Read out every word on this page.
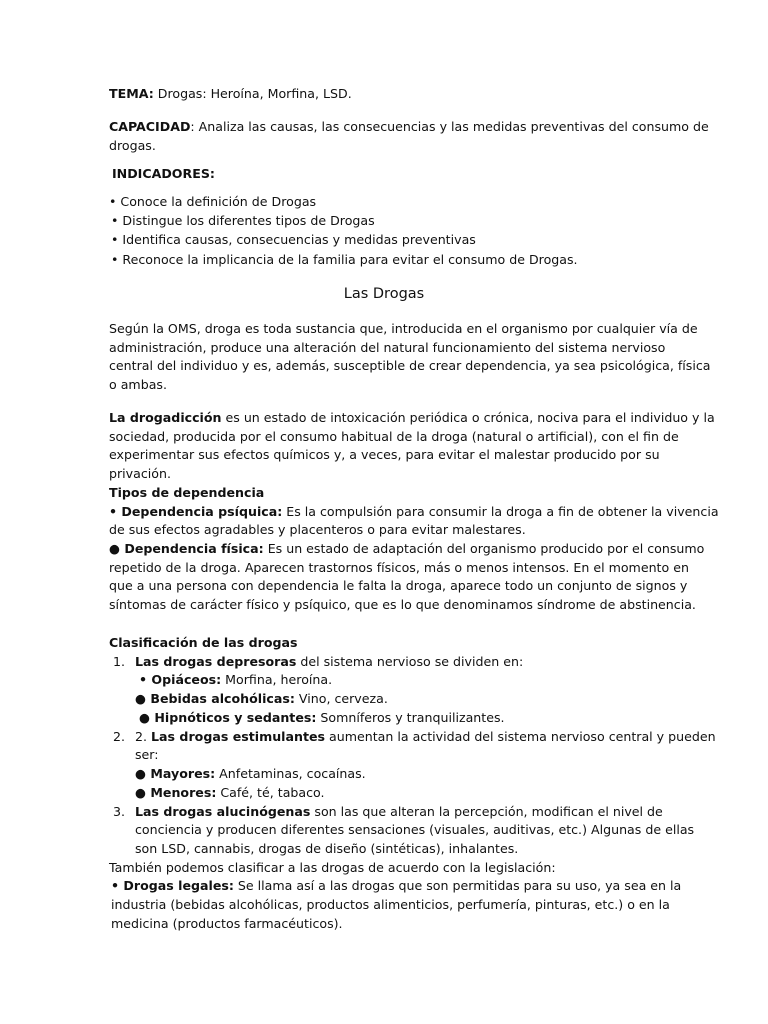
TEMA: Drogas: Heroína, Morfina, LSD.
CAPACIDAD: Analiza las causas, las consecuencias y las medidas preventivas del consumo de
drogas.
INDICADORES:
• Conoce la definición de Drogas
• Distingue los diferentes tipos de Drogas
• Identifica causas, consecuencias y medidas preventivas
• Reconoce la implicancia de la familia para evitar el consumo de Drogas.
Las Drogas
Según la OMS, droga es toda sustancia que, introducida en el organismo por cualquier vía de
administración, produce una alteración del natural funcionamiento del sistema nervioso
central del individuo y es, además, susceptible de crear dependencia, ya sea psicológica, física
o ambas.
La drogadicción es un estado de intoxicación periódica o crónica, nociva para el individuo y la
sociedad, producida por el consumo habitual de la droga (natural o artificial), con el fin de
experimentar sus efectos químicos y, a veces, para evitar el malestar producido por su
privación.
Tipos de dependencia
• Dependencia psíquica: Es la compulsión para consumir la droga a fin de obtener la vivencia
de sus efectos agradables y placenteros o para evitar malestares.
● Dependencia física: Es un estado de adaptación del organismo producido por el consumo
repetido de la droga. Aparecen trastornos físicos, más o menos intensos. En el momento en
que a una persona con dependencia le falta la droga, aparece todo un conjunto de signos y
síntomas de carácter físico y psíquico, que es lo que denominamos síndrome de abstinencia.
Clasificación de las drogas
1. Las drogas depresoras del sistema nervioso se dividen en:
• Opiáceos: Morfina, heroína.
● Bebidas alcohólicas: Vino, cerveza.
● Hipnóticos y sedantes: Somníferos y tranquilizantes.
2. 2. Las drogas estimulantes aumentan la actividad del sistema nervioso central y pueden
ser:
● Mayores: Anfetaminas, cocaínas.
● Menores: Café, té, tabaco.
3. Las drogas alucinógenas son las que alteran la percepción, modifican el nivel de
conciencia y producen diferentes sensaciones (visuales, auditivas, etc.) Algunas de ellas
son LSD, cannabis, drogas de diseño (sintéticas), inhalantes.
También podemos clasificar a las drogas de acuerdo con la legislación:
• Drogas legales: Se llama así a las drogas que son permitidas para su uso, ya sea en la
industria (bebidas alcohólicas, productos alimenticios, perfumería, pinturas, etc.) o en la
medicina (productos farmacéuticos).
